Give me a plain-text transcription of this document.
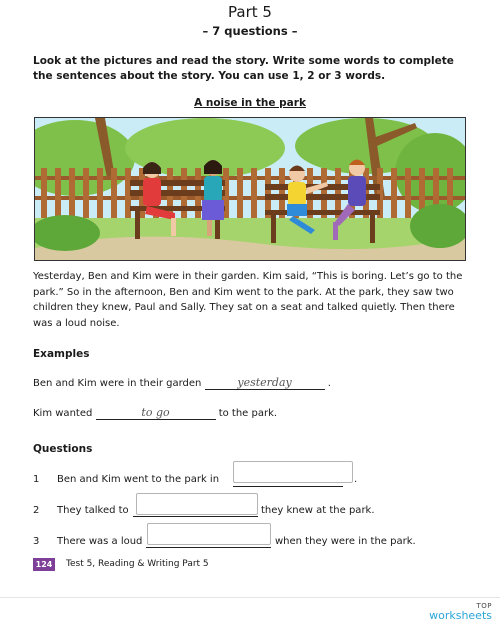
Part 5
– 7 questions –
Look at the pictures and read the story. Write some words to complete the sentences about the story. You can use 1, 2 or 3 words.
A noise in the park
Yesterday, Ben and Kim were in their garden. Kim said, “This is boring. Let’s go to the park.” So in the afternoon, Ben and Kim went to the park. At the park, they saw two children they knew, Paul and Sally. They sat on a seat and talked quietly. Then there was a loud noise.
Examples
Ben and Kim were in their garden	yesterday	.
Kim wanted	to go	to the park.
Questions
1 Ben and Kim went to the park in	.
2 They talked to	they knew at the park.
3 There was a loud	when they were in the park.
124 Test 5, Reading & Writing Part 5
TOP
worksheets
